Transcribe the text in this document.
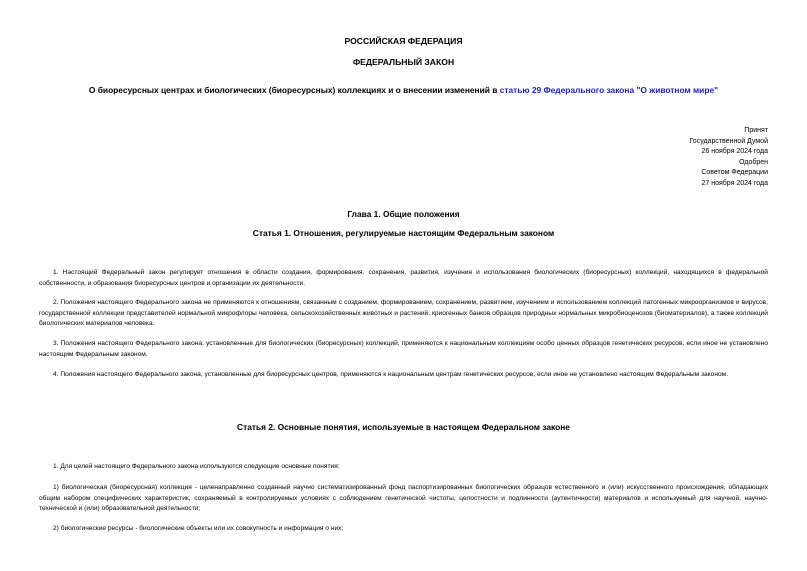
РОССИЙСКАЯ ФЕДЕРАЦИЯ
ФЕДЕРАЛЬНЫЙ ЗАКОН
О биоресурсных центрах и биологических (биоресурсных) коллекциях и о внесении изменений в статью 29 Федерального закона "О животном мире"
Принят
Государственной Думой
26 ноября 2024 года
Одобрен
Советом Федерации
27 ноября 2024 года
Глава 1. Общие положения
Статья 1. Отношения, регулируемые настоящим Федеральным законом
1. Настоящий Федеральный закон регулирует отношения в области создания, формирования, сохранения, развития, изучения и использования биологических (биоресурсных) коллекций, находящихся в федеральной собственности, и образования биоресурсных центров и организации их деятельности.
2. Положения настоящего Федерального закона не применяются к отношениям, связанным с созданием, формированием, сохранением, развитием, изучением и использованием коллекций патогенных микроорганизмов и вирусов, государственной коллекции представителей нормальной микрофлоры человека, сельскохозяйственных животных и растений, криогенных банков образцов природных нормальных микробиоценозов (биоматериалов), а также коллекций биологических материалов человека.
3. Положения настоящего Федерального закона, установленные для биологических (биоресурсных) коллекций, применяются к национальным коллекциям особо ценных образцов генетических ресурсов, если иное не установлено настоящим Федеральным законом.
4. Положения настоящего Федерального закона, установленные для биоресурсных центров, применяются к национальным центрам генетических ресурсов, если иное не установлено настоящим Федеральным законом.
Статья 2. Основные понятия, используемые в настоящем Федеральном законе
1. Для целей настоящего Федерального закона используются следующие основные понятия:
1) биологическая (биоресурсная) коллекция - целенаправленно созданный научно систематизированный фонд паспортизированных биологических образцов естественного и (или) искусственного происхождения, обладающих общим набором специфических характеристик, сохраняемый в контролируемых условиях с соблюдением генетической чистоты, целостности и подлинности (аутентичности) материалов и используемый для научной, научно-технической и (или) образовательной деятельности;
2) биологические ресурсы - биологические объекты или их совокупность и информация о них;
